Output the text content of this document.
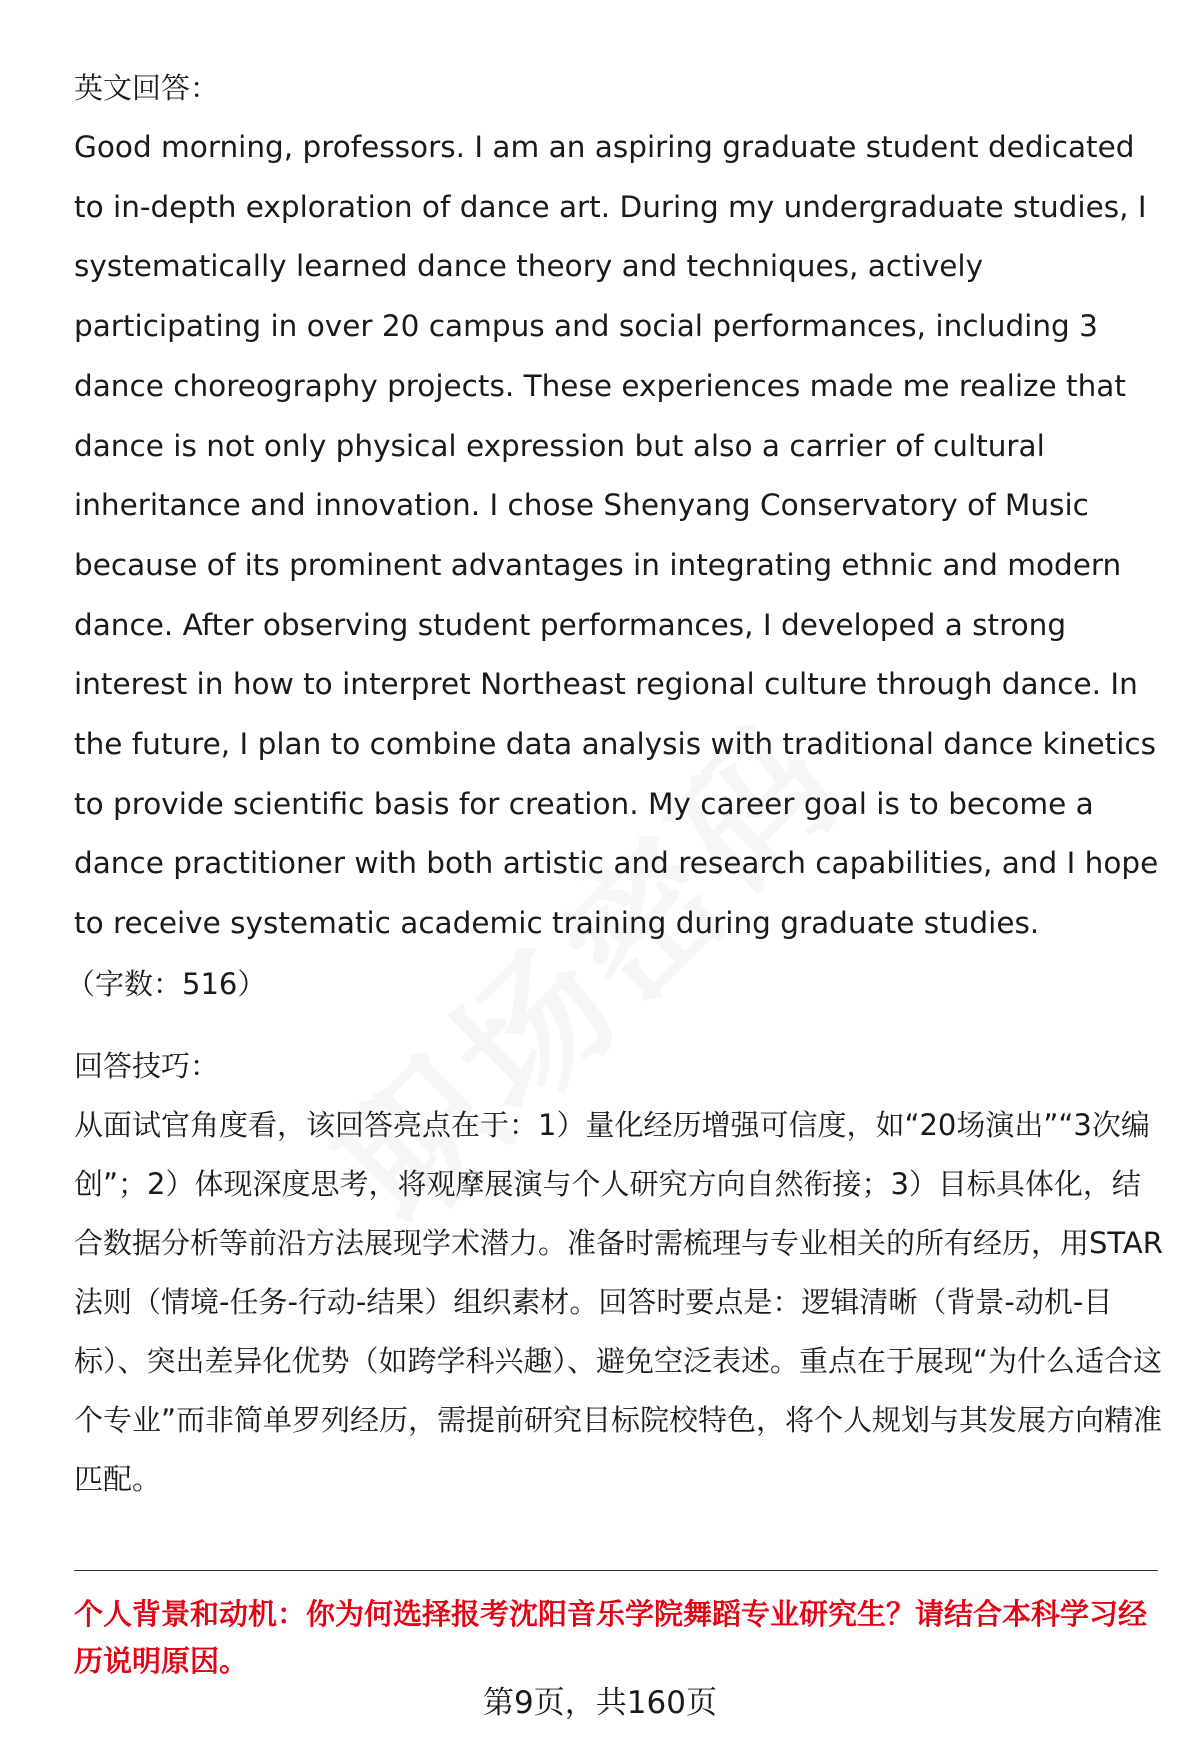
英文回答：

Good morning, professors. I am an aspiring graduate student dedicated to in-depth exploration of dance art. During my undergraduate studies, I systematically learned dance theory and techniques, actively participating in over 20 campus and social performances, including 3 dance choreography projects. These experiences made me realize that dance is not only physical expression but also a carrier of cultural inheritance and innovation. I chose Shenyang Conservatory of Music because of its prominent advantages in integrating ethnic and modern dance. After observing student performances, I developed a strong interest in how to interpret Northeast regional culture through dance. In the future, I plan to combine data analysis with traditional dance kinetics to provide scientific basis for creation. My career goal is to become a dance practitioner with both artistic and research capabilities, and I hope to receive systematic academic training during graduate studies.

（字数：516）

回答技巧：

从面试官角度看，该回答亮点在于：1）量化经历增强可信度，如“20场演出”“3次编创”；2）体现深度思考，将观摩展演与个人研究方向自然衔接；3）目标具体化，结合数据分析等前沿方法展现学术潜力。准备时需梳理与专业相关的所有经历，用STAR法则（情境-任务-行动-结果）组织素材。回答时要点是：逻辑清晰（背景-动机-目标）、突出差异化优势（如跨学科兴趣）、避免空泛表述。重点在于展现“为什么适合这个专业”而非简单罗列经历，需提前研究目标院校特色，将个人规划与其发展方向精准匹配。

个人背景和动机：你为何选择报考沈阳音乐学院舞蹈专业研究生？请结合本科学习经历说明原因。
第9页，共160页
